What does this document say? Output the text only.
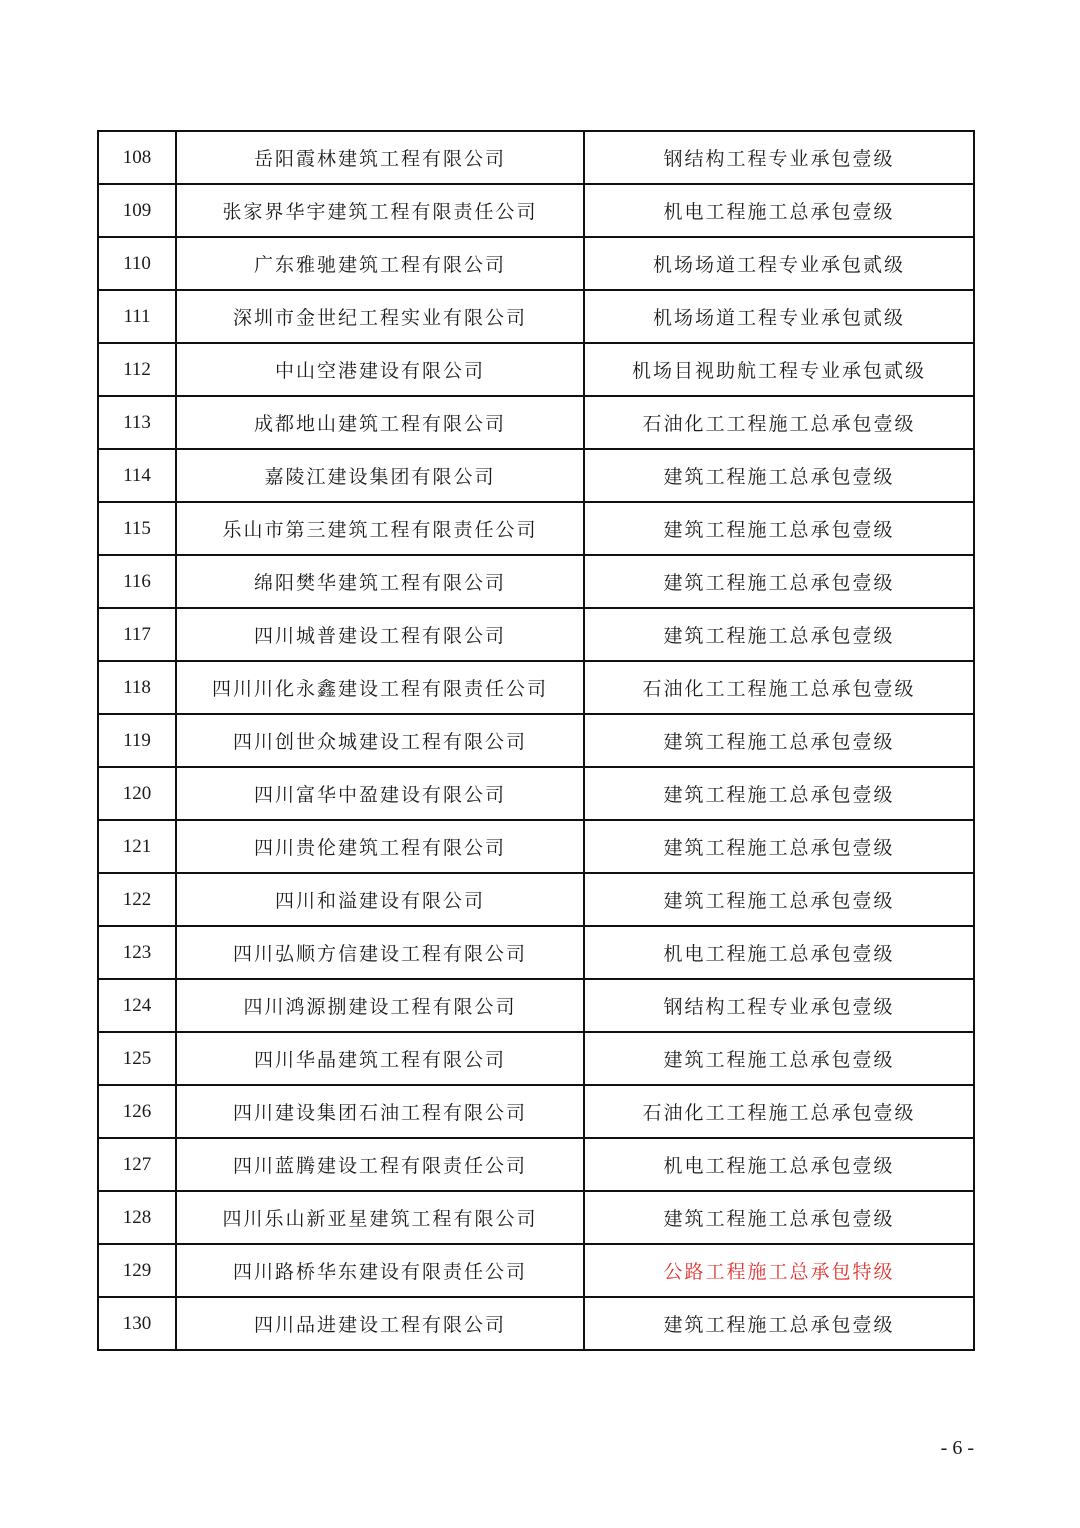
108	岳阳霞林建筑工程有限公司	钢结构工程专业承包壹级
109	张家界华宇建筑工程有限责任公司	机电工程施工总承包壹级
110	广东雅驰建筑工程有限公司	机场场道工程专业承包贰级
111	深圳市金世纪工程实业有限公司	机场场道工程专业承包贰级
112	中山空港建设有限公司	机场目视助航工程专业承包贰级
113	成都地山建筑工程有限公司	石油化工工程施工总承包壹级
114	嘉陵江建设集团有限公司	建筑工程施工总承包壹级
115	乐山市第三建筑工程有限责任公司	建筑工程施工总承包壹级
116	绵阳樊华建筑工程有限公司	建筑工程施工总承包壹级
117	四川城普建设工程有限公司	建筑工程施工总承包壹级
118	四川川化永鑫建设工程有限责任公司	石油化工工程施工总承包壹级
119	四川创世众城建设工程有限公司	建筑工程施工总承包壹级
120	四川富华中盈建设有限公司	建筑工程施工总承包壹级
121	四川贵伦建筑工程有限公司	建筑工程施工总承包壹级
122	四川和溢建设有限公司	建筑工程施工总承包壹级
123	四川弘顺方信建设工程有限公司	机电工程施工总承包壹级
124	四川鸿源捌建设工程有限公司	钢结构工程专业承包壹级
125	四川华晶建筑工程有限公司	建筑工程施工总承包壹级
126	四川建设集团石油工程有限公司	石油化工工程施工总承包壹级
127	四川蓝腾建设工程有限责任公司	机电工程施工总承包壹级
128	四川乐山新亚星建筑工程有限公司	建筑工程施工总承包壹级
129	四川路桥华东建设有限责任公司	公路工程施工总承包特级
130	四川品进建设工程有限公司	建筑工程施工总承包壹级
- 6 -
